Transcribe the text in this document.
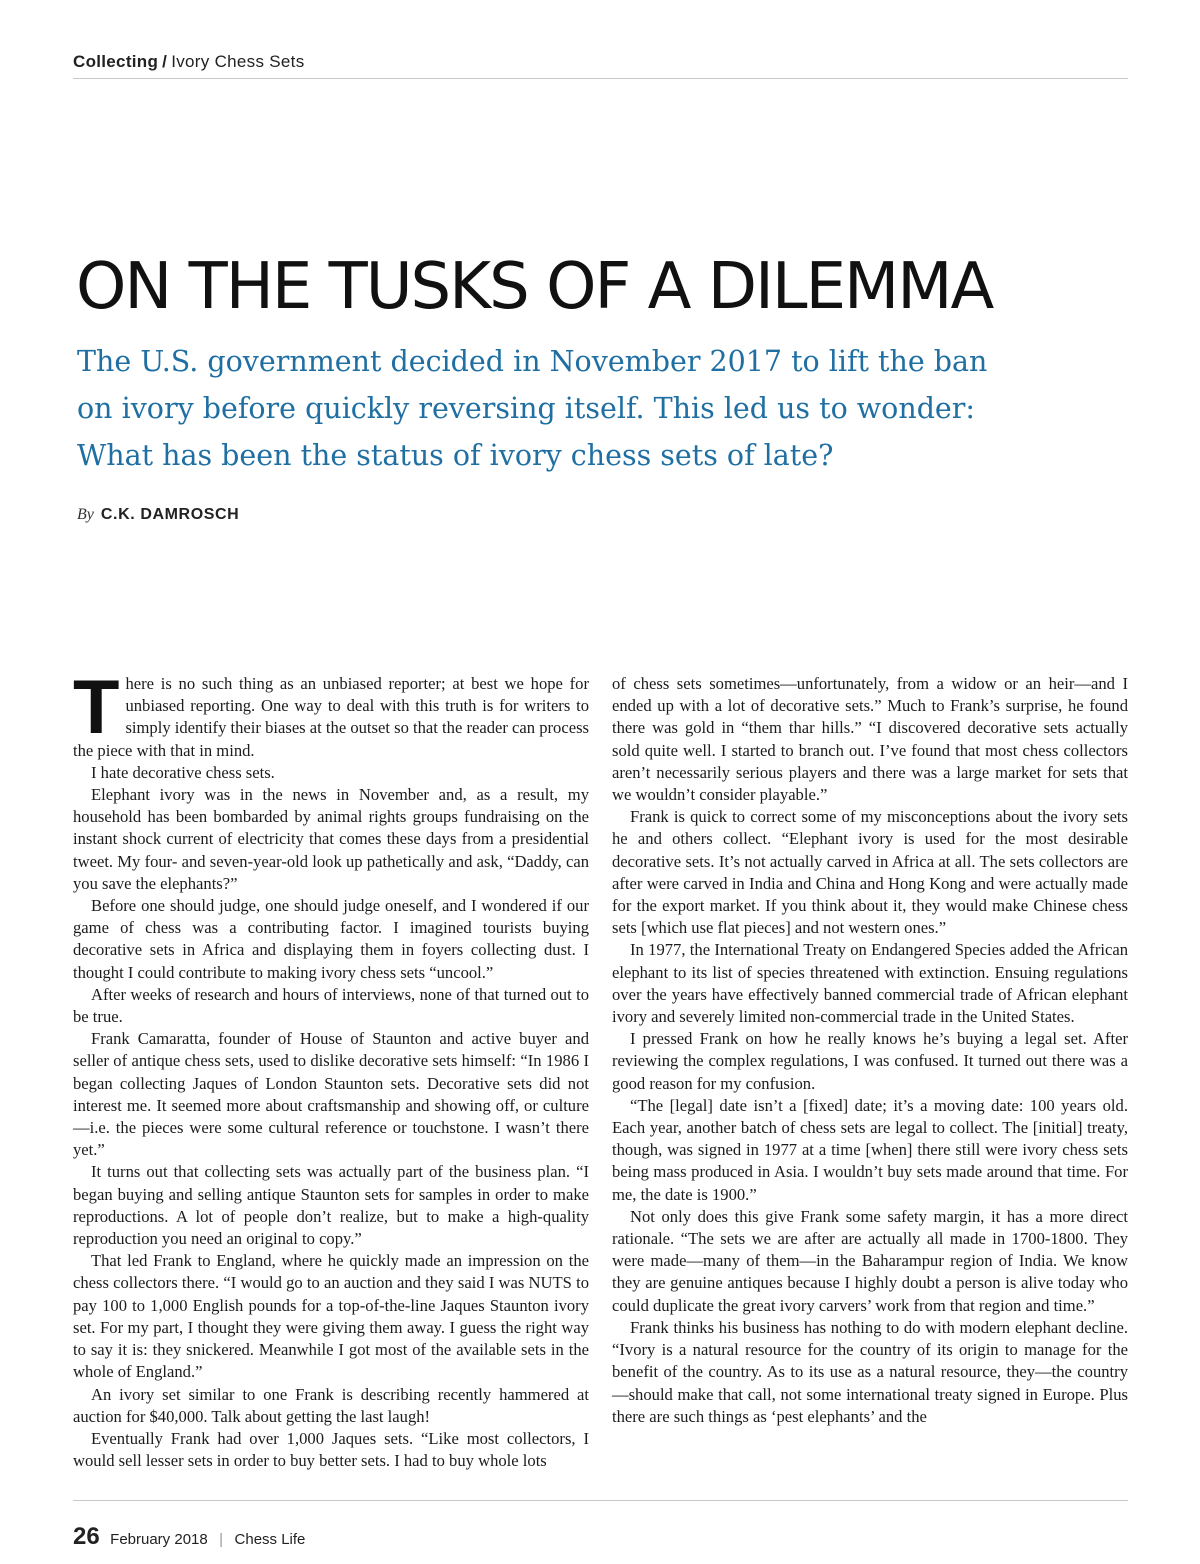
Collecting / Ivory Chess Sets
ON THE TUSKS OF A DILEMMA

The U.S. government decided in November 2017 to lift the ban on ivory before quickly reversing itself. This led us to wonder: What has been the status of ivory chess sets of late?

By C.K. DAMROSCH

There is no such thing as an unbiased reporter; at best we hope for unbiased reporting. One way to deal with this truth is for writers to simply identify their biases at the outset so that the reader can process the piece with that in mind.

I hate decorative chess sets.

Elephant ivory was in the news in November and, as a result, my household has been bombarded by animal rights groups fundraising on the instant shock current of electricity that comes these days from a presidential tweet. My four- and seven-year-old look up pathetically and ask, “Daddy, can you save the elephants?”

Before one should judge, one should judge oneself, and I wondered if our game of chess was a contributing factor. I imagined tourists buying decorative sets in Africa and displaying them in foyers collecting dust. I thought I could contribute to making ivory chess sets “uncool.”

After weeks of research and hours of interviews, none of that turned out to be true.

Frank Camaratta, founder of House of Staunton and active buyer and seller of antique chess sets, used to dislike decorative sets himself: “In 1986 I began collecting Jaques of London Staunton sets. Decorative sets did not interest me. It seemed more about craftsmanship and showing off, or culture—i.e. the pieces were some cultural reference or touchstone. I wasn’t there yet.”

It turns out that collecting sets was actually part of the business plan. “I began buying and selling antique Staunton sets for samples in order to make reproductions. A lot of people don’t realize, but to make a high-quality reproduction you need an original to copy.”

That led Frank to England, where he quickly made an impression on the chess collectors there. “I would go to an auction and they said I was NUTS to pay 100 to 1,000 English pounds for a top-of-the-line Jaques Staunton ivory set. For my part, I thought they were giving them away. I guess the right way to say it is: they snickered. Meanwhile I got most of the available sets in the whole of England.”

An ivory set similar to one Frank is describing recently hammered at auction for $40,000. Talk about getting the last laugh!

Eventually Frank had over 1,000 Jaques sets. “Like most collectors, I would sell lesser sets in order to buy better sets. I had to buy whole lots

of chess sets sometimes—unfortunately, from a widow or an heir—and I ended up with a lot of decorative sets.” Much to Frank’s surprise, he found there was gold in “them thar hills.” “I discovered decorative sets actually sold quite well. I started to branch out. I’ve found that most chess collectors aren’t necessarily serious players and there was a large market for sets that we wouldn’t consider playable.”

Frank is quick to correct some of my misconceptions about the ivory sets he and others collect. “Elephant ivory is used for the most desirable decorative sets. It’s not actually carved in Africa at all. The sets collectors are after were carved in India and China and Hong Kong and were actually made for the export market. If you think about it, they would make Chinese chess sets [which use flat pieces] and not western ones.”

In 1977, the International Treaty on Endangered Species added the African elephant to its list of species threatened with extinction. Ensuing regulations over the years have effectively banned commercial trade of African elephant ivory and severely limited non-commercial trade in the United States.

I pressed Frank on how he really knows he’s buying a legal set. After reviewing the complex regulations, I was confused. It turned out there was a good reason for my confusion.

“The [legal] date isn’t a [fixed] date; it’s a moving date: 100 years old. Each year, another batch of chess sets are legal to collect. The [initial] treaty, though, was signed in 1977 at a time [when] there still were ivory chess sets being mass produced in Asia. I wouldn’t buy sets made around that time. For me, the date is 1900.”

Not only does this give Frank some safety margin, it has a more direct rationale. “The sets we are after are actually all made in 1700-1800. They were made—many of them—in the Baharampur region of India. We know they are genuine antiques because I highly doubt a person is alive today who could duplicate the great ivory carvers’ work from that region and time.”

Frank thinks his business has nothing to do with modern elephant decline. “Ivory is a natural resource for the country of its origin to manage for the benefit of the country. As to its use as a natural resource, they—the country—should make that call, not some international treaty signed in Europe. Plus there are such things as ‘pest elephants’ and the

26 February 2018 | Chess Life
